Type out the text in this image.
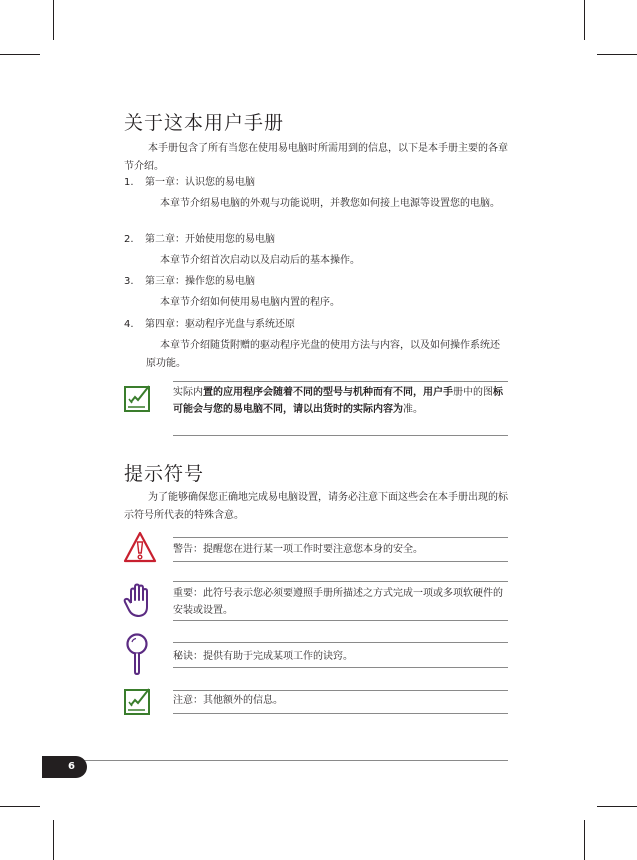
关于这本用户手册

本手册包含了所有当您在使用易电脑时所需用到的信息，以下是本手册主要的各章节介绍。

1. 第一章：认识您的易电脑

本章节介绍易电脑的外观与功能说明，并教您如何接上电源等设置您的电脑。

2. 第二章：开始使用您的易电脑

本章节介绍首次启动以及启动后的基本操作。

3. 第三章：操作您的易电脑

本章节介绍如何使用易电脑内置的程序。

4. 第四章：驱动程序光盘与系统还原

本章节介绍随货附赠的驱动程序光盘的使用方法与内容，以及如何操作系统还原功能。

实际内置的应用程序会随着不同的型号与机种而有不同，用户手册中的图标可能会与您的易电脑不同，请以出货时的实际内容为准。

提示符号

为了能够确保您正确地完成易电脑设置，请务必注意下面这些会在本手册出现的标示符号所代表的特殊含意。

警告：提醒您在进行某一项工作时要注意您本身的安全。

重要：此符号表示您必须要遵照手册所描述之方式完成一项或多项软硬件的安装或设置。

秘诀：提供有助于完成某项工作的诀窍。

注意：其他额外的信息。

6
